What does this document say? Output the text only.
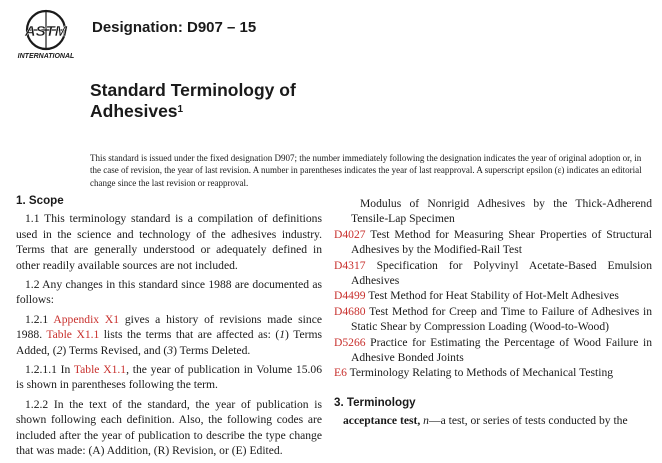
ASTM
INTERNATIONAL
Designation: D907 – 15
Standard Terminology of
Adhesives$^1$
This standard is issued under the fixed designation D907; the number immediately following the designation indicates the year of original adoption or, in the case of revision, the year of last revision. A number in parentheses indicates the year of last reapproval. A superscript epsilon (ε) indicates an editorial change since the last revision or reapproval.
1. Scope

1.1 This terminology standard is a compilation of definitions used in the science and technology of the adhesives industry. Terms that are generally understood or adequately defined in other readily available sources are not included.

1.2 Any changes in this standard since 1988 are documented as follows:

1.2.1 Appendix X1 gives a history of revisions made since 1988. Table X1.1 lists the terms that are affected as: (1) Terms Added, (2) Terms Revised, and (3) Terms Deleted.

1.2.1.1 In Table X1.1, the year of publication in Volume 15.06 is shown in parentheses following the term.

1.2.2 In the text of the standard, the year of publication is shown following each definition. Also, the following codes are included after the year of publication to describe the type change that was made: (A) Addition, (R) Revision, or (E) Edited.

Modulus of Nonrigid Adhesives by the Thick-Adherend Tensile-Lap Specimen

D4027 Test Method for Measuring Shear Properties of Structural Adhesives by the Modified-Rail Test

D4317 Specification for Polyvinyl Acetate-Based Emulsion Adhesives

D4499 Test Method for Heat Stability of Hot-Melt Adhesives

D4680 Test Method for Creep and Time to Failure of Adhesives in Static Shear by Compression Loading (Wood-to-Wood)

D5266 Practice for Estimating the Percentage of Wood Failure in Adhesive Bonded Joints

E6 Terminology Relating to Methods of Mechanical Testing

3. Terminology

acceptance test, n—a test, or series of tests conducted by the
